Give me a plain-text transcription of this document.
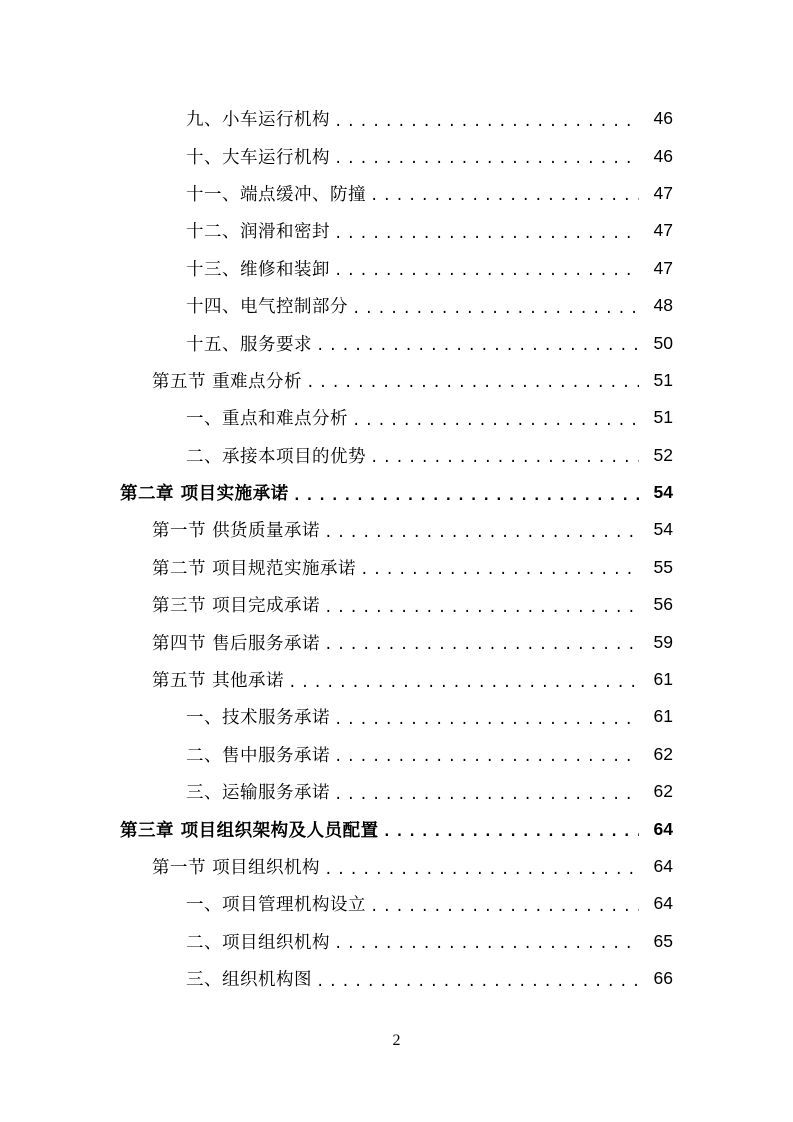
九、小车运行机构 .....	46
十、大车运行机构 .....	46
十一、端点缓冲、防撞 .....	47
十二、润滑和密封 .....	47
十三、维修和装卸 .....	47
十四、电气控制部分 .....	48
十五、服务要求 .....	50
第五节 重难点分析 .....	51
一、重点和难点分析 .....	51
二、承接本项目的优势 .....	52
第二章 项目实施承诺 .....	54
第一节 供货质量承诺 .....	54
第二节 项目规范实施承诺 .....	55
第三节 项目完成承诺 .....	56
第四节 售后服务承诺 .....	59
第五节 其他承诺 .....	61
一、技术服务承诺 .....	61
二、售中服务承诺 .....	62
三、运输服务承诺 .....	62
第三章 项目组织架构及人员配置 .....	64
第一节 项目组织机构 .....	64
一、项目管理机构设立 .....	64
二、项目组织机构 .....	65
三、组织机构图 .....	66
2
